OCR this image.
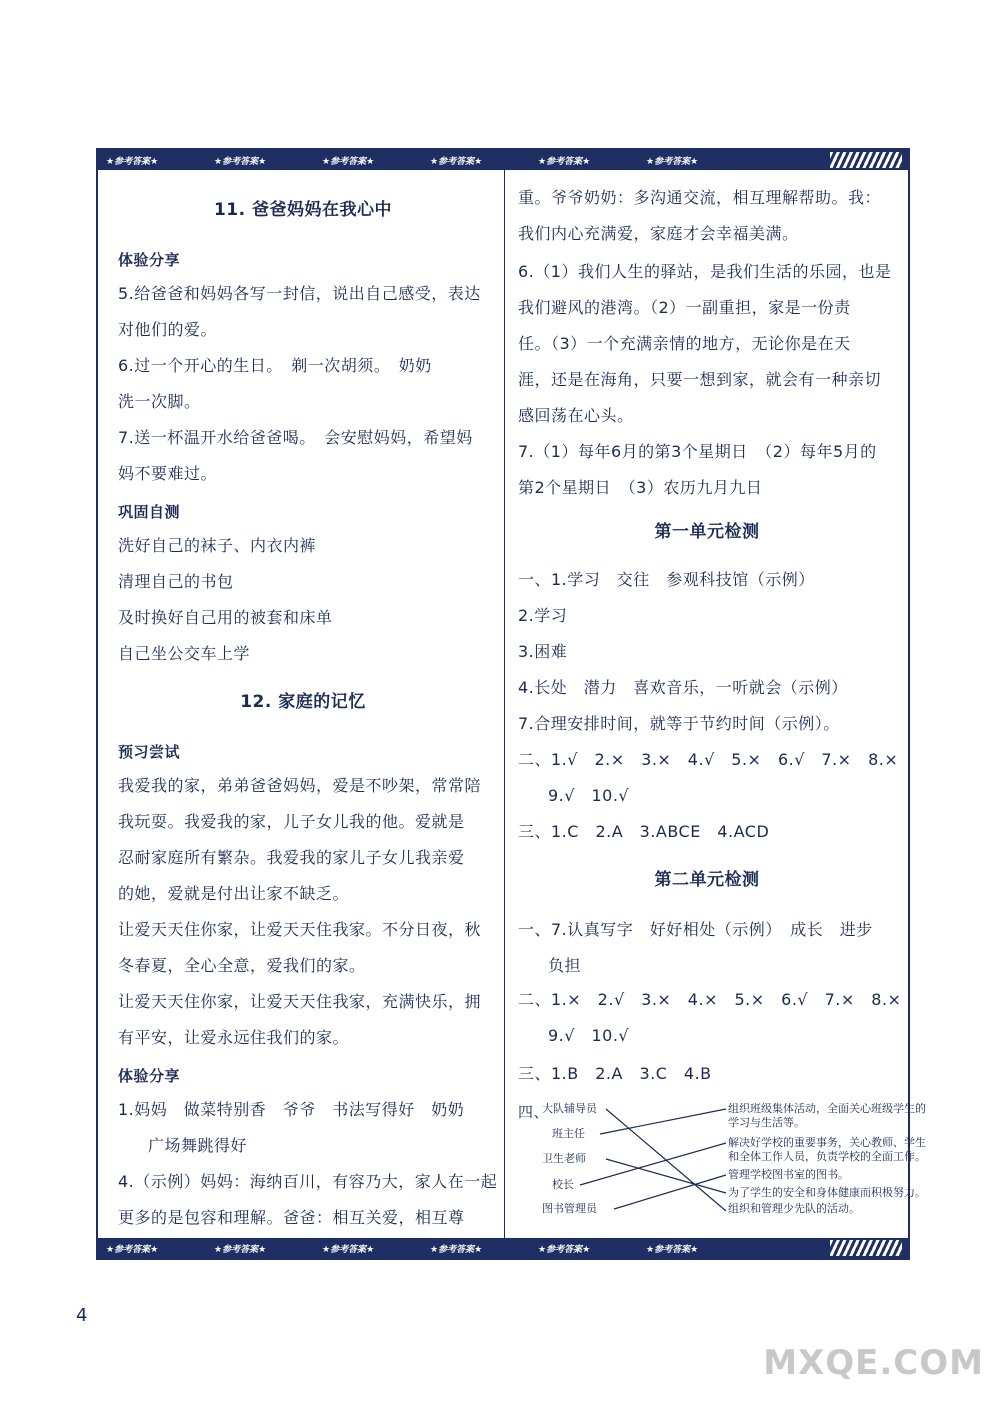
★参考答案★	★参考答案★	★参考答案★	★参考答案★	★参考答案★	★参考答案★
★参考答案★	★参考答案★	★参考答案★	★参考答案★	★参考答案★	★参考答案★
11. 爸爸妈妈在我心中
体验分享
5.给爸爸和妈妈各写一封信，说出自己感受，表达
对他们的爱。
6.过一个开心的生日。　剃一次胡须。　奶奶
洗一次脚。
7.送一杯温开水给爸爸喝。　会安慰妈妈，希望妈
妈不要难过。
巩固自测
洗好自己的袜子、内衣内裤
清理自己的书包
及时换好自己用的被套和床单
自己坐公交车上学
12. 家庭的记忆
预习尝试
我爱我的家，弟弟爸爸妈妈，爱是不吵架，常常陪
我玩耍。我爱我的家，儿子女儿我的他。爱就是
忍耐家庭所有繁杂。我爱我的家儿子女儿我亲爱
的她，爱就是付出让家不缺乏。
让爱天天住你家，让爱天天住我家。不分日夜，秋
冬春夏，全心全意，爱我们的家。
让爱天天住你家，让爱天天住我家，充满快乐，拥
有平安，让爱永远住我们的家。
体验分享
1.妈妈　做菜特别香　爷爷　书法写得好　奶奶
广场舞跳得好
4.（示例）妈妈：海纳百川，有容乃大，家人在一起
更多的是包容和理解。爸爸：相互关爱，相互尊
重。爷爷奶奶：多沟通交流，相互理解帮助。我：
我们内心充满爱，家庭才会幸福美满。
6.（1）我们人生的驿站，是我们生活的乐园，也是
我们避风的港湾。（2）一副重担，家是一份责
任。（3）一个充满亲情的地方，无论你是在天
涯，还是在海角，只要一想到家，就会有一种亲切
感回荡在心头。
7.（1）每年6月的第3个星期日　（2）每年5月的
第2个星期日　（3）农历九月九日
第一单元检测
一、1.学习　交往　参观科技馆（示例）
2.学习
3.困难
4.长处　潜力　喜欢音乐，一听就会（示例）
7.合理安排时间，就等于节约时间（示例）。
二、1.√　2.×　3.×　4.√　5.×　6.√　7.×　8.×
9.√　10.√
三、1.C　2.A　3.ABCE　4.ACD
第二单元检测
一、7.认真写字　好好相处（示例）　成长　进步
负担
二、1.×　2.√　3.×　4.×　5.×　6.√　7.×　8.×
9.√　10.√
三、1.B　2.A　3.C　4.B
四、
大队辅导员
班主任
卫生老师
校长
图书管理员
组织班级集体活动，全面关心班级学生的
学习与生活等。
解决好学校的重要事务，关心教师、学生
和全体工作人员，负责学校的全面工作。
管理学校图书室的图书。
为了学生的安全和身体健康而积极努力。
组织和管理少先队的活动。
4
MXQE.COM
